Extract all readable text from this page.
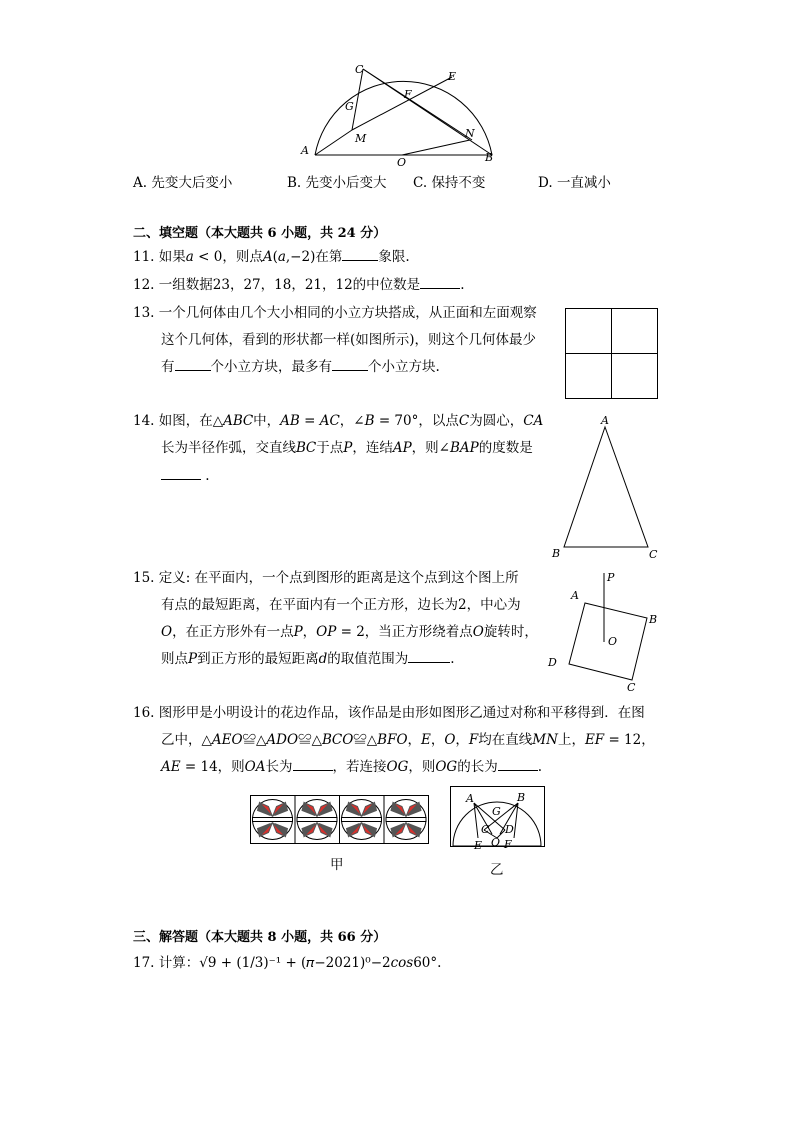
C
E
G
F
M	N
A
O	B
A. 先变大后变小	B. 先变小后变大 C. 保持不变	D. 一直减小
二、填空题（本大题共 6 小题，共 24 分）
11. 如果𝑎 < 0，则点𝐴(𝑎,−2)在第	象限.
12. 一组数据23，27，18，21，12的中位数是	.
13. 一个几何体由几个大小相同的小立方块搭成，从正面和左面观察
这个几何体，看到的形状都一样(如图所示)，则这个几何体最少
有	个小立方块，最多有	个小立方块.
14. 如图，在△𝐴𝐵𝐶中，𝐴𝐵 = 𝐴𝐶，∠𝐵 = 70°，以点𝐶为圆心，𝐶𝐴
长为半径作弧，交直线𝐵𝐶于点𝑃，连结𝐴𝑃，则∠𝐵𝐴𝑃的度数是
.
A
B	C
15. 定义: 在平面内，一个点到图形的距离是这个点到这个图上所
有点的最短距离，在平面内有一个正方形，边长为2，中心为
𝑂，在正方形外有一点𝑃，𝑂𝑃 = 2，当正方形绕着点𝑂旋转时，
则点𝑃到正方形的最短距离𝑑的取值范围为	.
P
A
B
O
D
C
16. 图形甲是小明设计的花边作品，该作品是由形如图形乙通过对称和平移得到．在图
乙中，△𝐴𝐸𝑂≌△𝐴𝐷𝑂≌△𝐵𝐶𝑂≌△𝐵𝐹𝑂，𝐸，𝑂，𝐹均在直线𝑀𝑁上，𝐸𝐹 = 12，
𝐴𝐸 = 14，则𝑂𝐴长为	，若连接𝑂𝐺，则𝑂𝐺的长为	.
甲
A	B
G
C D
E O F
乙
三、解答题（本大题共 8 小题，共 66 分）
17. 计算：√9 + (1/3)⁻¹ + (𝜋−2021)⁰−2𝑐𝑜𝑠60°.
